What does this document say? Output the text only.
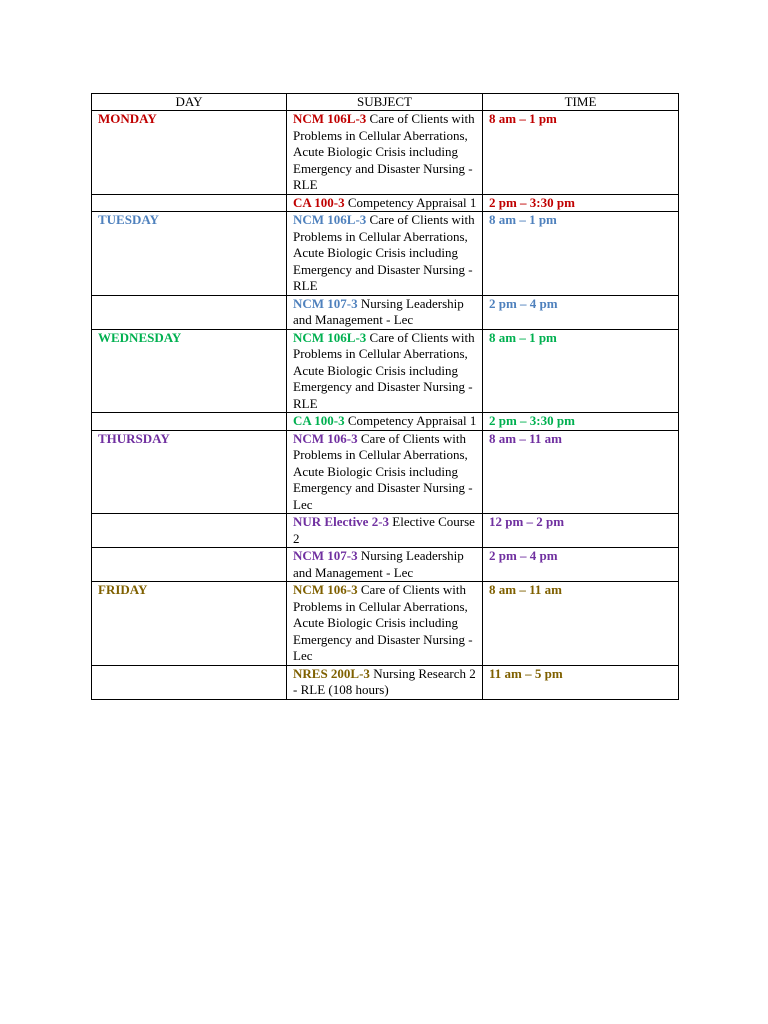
DAY	SUBJECT	TIME
MONDAY	NCM 106L-3 Care of Clients with Problems in Cellular Aberrations, Acute Biologic Crisis including Emergency and Disaster Nursing - RLE	8 am – 1 pm
	CA 100-3 Competency Appraisal 1	2 pm – 3:30 pm
TUESDAY	NCM 106L-3 Care of Clients with Problems in Cellular Aberrations, Acute Biologic Crisis including Emergency and Disaster Nursing - RLE	8 am – 1 pm
	NCM 107-3 Nursing Leadership and Management - Lec	2 pm – 4 pm
WEDNESDAY	NCM 106L-3 Care of Clients with Problems in Cellular Aberrations, Acute Biologic Crisis including Emergency and Disaster Nursing - RLE	8 am – 1 pm
	CA 100-3 Competency Appraisal 1	2 pm – 3:30 pm
THURSDAY	NCM 106-3 Care of Clients with Problems in Cellular Aberrations, Acute Biologic Crisis including Emergency and Disaster Nursing - Lec	8 am – 11 am
	NUR Elective 2-3 Elective Course 2	12 pm – 2 pm
	NCM 107-3 Nursing Leadership and Management - Lec	2 pm – 4 pm
FRIDAY	NCM 106-3 Care of Clients with Problems in Cellular Aberrations, Acute Biologic Crisis including Emergency and Disaster Nursing - Lec	8 am – 11 am
	NRES 200L-3 Nursing Research 2 - RLE (108 hours)	11 am – 5 pm
